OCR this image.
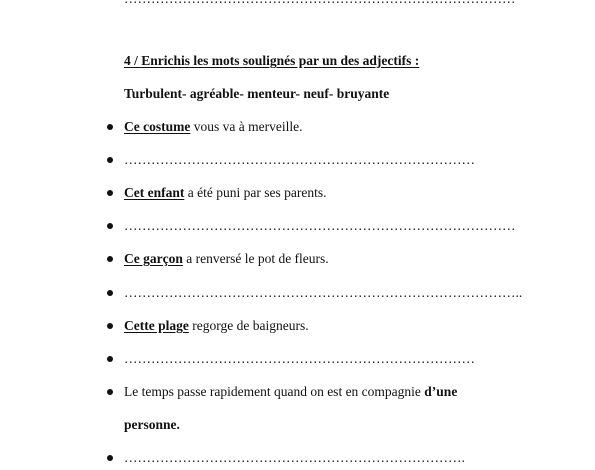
4 / Enrichis les mots soulignés par un des adjectifs :
Turbulent- agréable- menteur- neuf- bruyante
Ce costume vous va à merveille.
……………………………………………………………………
Cet enfant a été puni par ses parents.
……………………………………………………………………………
Ce garçon a renversé le pot de fleurs.
……………………………………………………………………………..
Cette plage regorge de baigneurs.
……………………………………………………………………
Le temps passe rapidement quand on est en compagnie d’une
personne.
………………………………………………………………….
